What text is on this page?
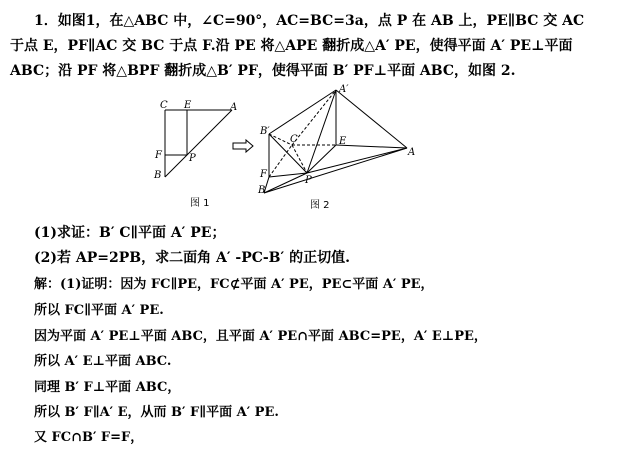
1．如图1，在△ABC 中，∠C=90°，AC=BC=3a，点 P 在 AB 上，PE∥BC 交 AC
于点 E，PF∥AC 交 BC 于点 F.沿 PE 将△APE 翻折成△A′ PE，使得平面 A′ PE⊥平面
ABC；沿 PF 将△BPF 翻折成△B′ PF，使得平面 B′ PF⊥平面 ABC，如图 2.
C E	A
F	P
B
图 1
A′
B′
C	E
A
F
B
P
图 2
(1)求证：B′ C∥平面 A′ PE；
(2)若 AP=2PB，求二面角 A′ -PC-B′ 的正切值.
解：(1)证明：因为 FC∥PE，FC⊄平面 A′ PE，PE⊂平面 A′ PE，
所以 FC∥平面 A′ PE.
因为平面 A′ PE⊥平面 ABC，且平面 A′ PE∩平面 ABC=PE，A′ E⊥PE，
所以 A′ E⊥平面 ABC.
同理 B′ F⊥平面 ABC，
所以 B′ F∥A′ E，从而 B′ F∥平面 A′ PE.
又 FC∩B′ F=F，
